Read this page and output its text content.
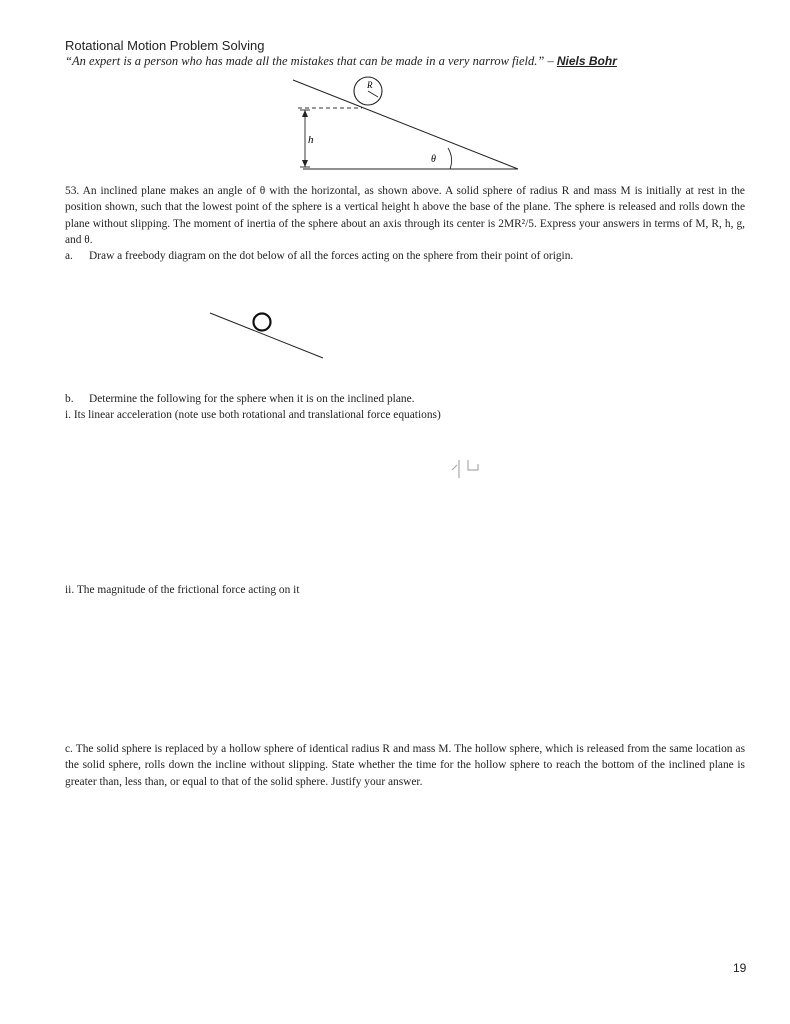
Rotational Motion Problem Solving
“An expert is a person who has made all the mistakes that can be made in a very narrow field.” – Niels Bohr
h
R
θ
53. An inclined plane makes an angle of θ with the horizontal, as shown above. A solid sphere of radius R and mass M is initially at rest in the position shown, such that the lowest point of the sphere is a vertical height h above the base of the plane. The sphere is released and rolls down the plane without slipping. The moment of inertia of the sphere about an axis through its center is 2MR²/5. Express your answers in terms of M, R, h, g, and θ.
a. Draw a freebody diagram on the dot below of all the forces acting on the sphere from their point of origin.
b. Determine the following for the sphere when it is on the inclined plane.
i. Its linear acceleration (note use both rotational and translational force equations)
ii. The magnitude of the frictional force acting on it
c. The solid sphere is replaced by a hollow sphere of identical radius R and mass M. The hollow sphere, which is released from the same location as the solid sphere, rolls down the incline without slipping. State whether the time for the hollow sphere to reach the bottom of the inclined plane is greater than, less than, or equal to that of the solid sphere. Justify your answer.
19
